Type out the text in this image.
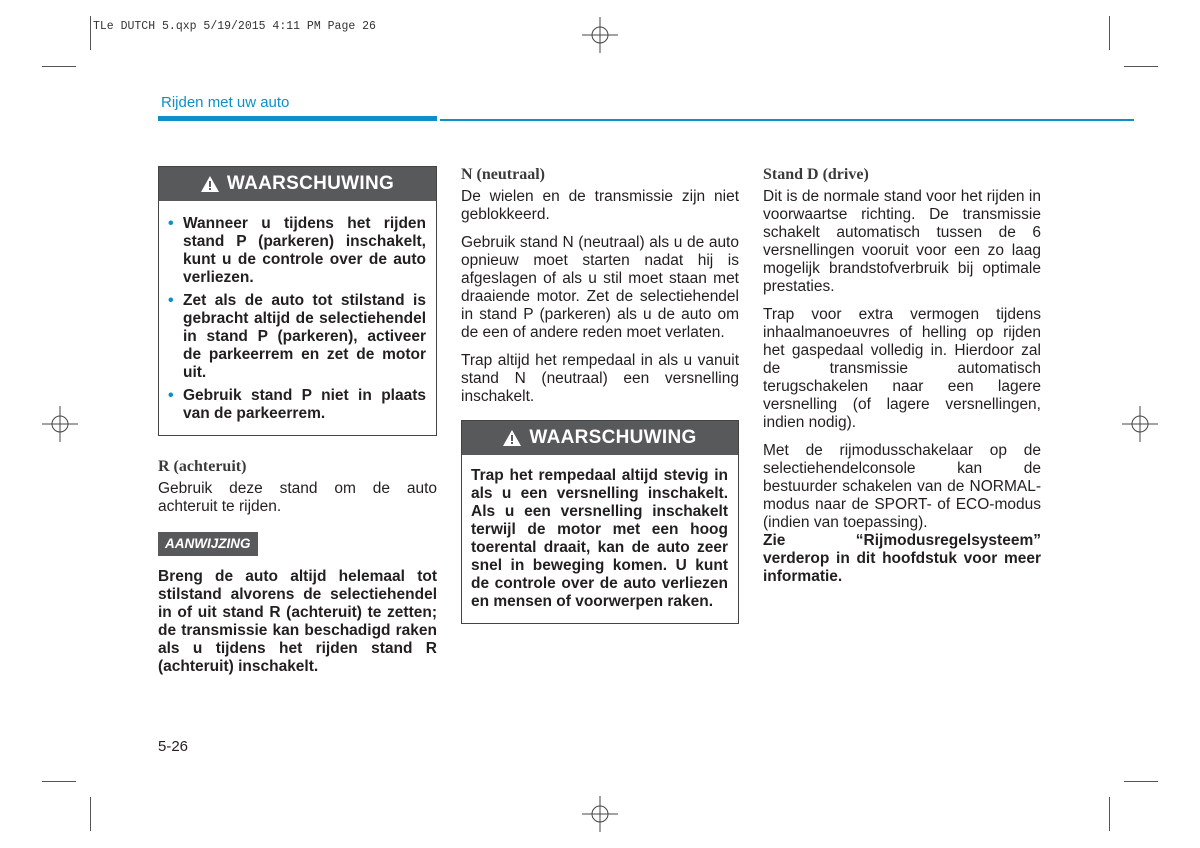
TLe DUTCH 5.qxp 5/19/2015 4:11 PM Page 26
Rijden met uw auto
WAARSCHUWING
• Wanneer u tijdens het rijden stand P (parkeren) inschakelt, kunt u de controle over de auto verliezen.
• Zet als de auto tot stilstand is gebracht altijd de selectiehendel in stand P (parkeren), activeer de parkeerrem en zet de motor uit.
• Gebruik stand P niet in plaats van de parkeerrem.
R (achteruit)

Gebruik deze stand om de auto achteruit te rijden.

AANWIJZING

Breng de auto altijd helemaal tot stilstand alvorens de selectiehendel in of uit stand R (achteruit) te zetten; de transmissie kan beschadigd raken als u tijdens het rijden stand R (achteruit) inschakelt.

N (neutraal)

De wielen en de transmissie zijn niet geblokkeerd.

Gebruik stand N (neutraal) als u de auto opnieuw moet starten nadat hij is afgeslagen of als u stil moet staan met draaiende motor. Zet de selectiehendel in stand P (parkeren) als u de auto om de een of andere reden moet verlaten.

Trap altijd het rempedaal in als u vanuit stand N (neutraal) een versnelling inschakelt.

WAARSCHUWING

Trap het rempedaal altijd stevig in als u een versnelling inschakelt. Als u een versnelling inschakelt terwijl de motor met een hoog toerental draait, kan de auto zeer snel in beweging komen. U kunt de controle over de auto verliezen en mensen of voorwerpen raken.

Stand D (drive)

Dit is de normale stand voor het rijden in voorwaartse richting. De transmissie schakelt automatisch tussen de 6 versnellingen vooruit voor een zo laag mogelijk brandstofverbruik bij optimale prestaties.

Trap voor extra vermogen tijdens inhaalmanoeuvres of helling op rijden het gaspedaal volledig in. Hierdoor zal de transmissie automatisch terugschakelen naar een lagere versnelling (of lagere versnellingen, indien nodig).

Met de rijmodusschakelaar op de selectiehendelconsole kan de bestuurder schakelen van de NORMAL-modus naar de SPORT- of ECO-modus (indien van toepassing).

Zie “Rijmodusregelsysteem” verderop in dit hoofdstuk voor meer informatie.

5-26
